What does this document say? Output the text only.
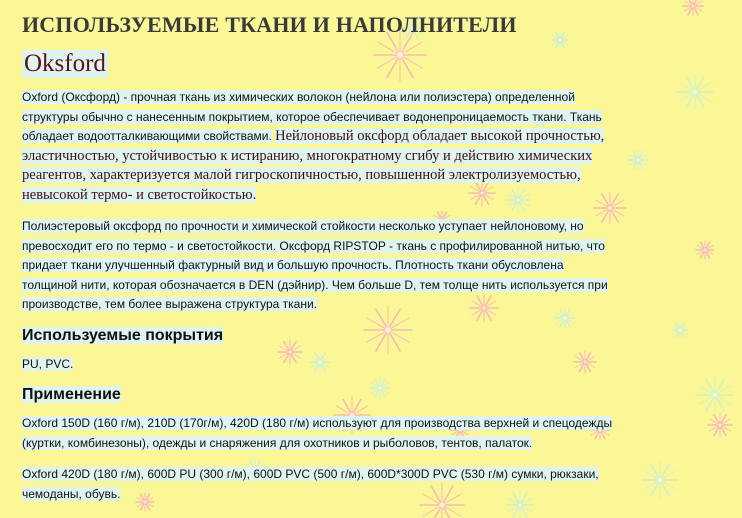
ИСПОЛЬЗУЕМЫЕ ТКАНИ И НАПОЛНИТЕЛИ
Oksford

Oxford (Оксфорд) - прочная ткань из химических волокон (нейлона или полиэстера) определенной структуры обычно с нанесенным покрытием, которое обеспечивает водонепроницаемость ткани. Ткань обладает водоотталкивающими свойствами. Нейлоновый оксфорд обладает высокой прочностью, эластичностью, устойчивостью к истиранию, многократному сгибу и действию химических реагентов, характеризуется малой гигроскопичностью, повышенной электролизуемостью, невысокой термо- и светостойкостью.

Полиэстеровый оксфорд по прочности и химической стойкости несколько уступает нейлоновому, но превосходит его по термо - и светостойкости. Оксфорд RIPSTOP - ткань с профилированной нитью, что придает ткани улучшенный фактурный вид и большую прочность. Плотность ткани обусловлена толщиной нити, которая обозначается в DEN (дэйнир). Чем больше D, тем толще нить используется при производстве, тем более выражена структура ткани.

Используемые покрытия

PU, PVC.

Применение

Oxford 150D (160 г/м), 210D (170г/м), 420D (180 г/м) используют для производства верхней и спецодежды (куртки, комбинезоны), одежды и снаряжения для охотников и рыболовов, тентов, палаток.

Oxford 420D (180 г/м), 600D PU (300 г/м), 600D PVC (500 г/м), 600D*300D PVC (530 г/м) сумки, рюкзаки, чемоданы, обувь.
